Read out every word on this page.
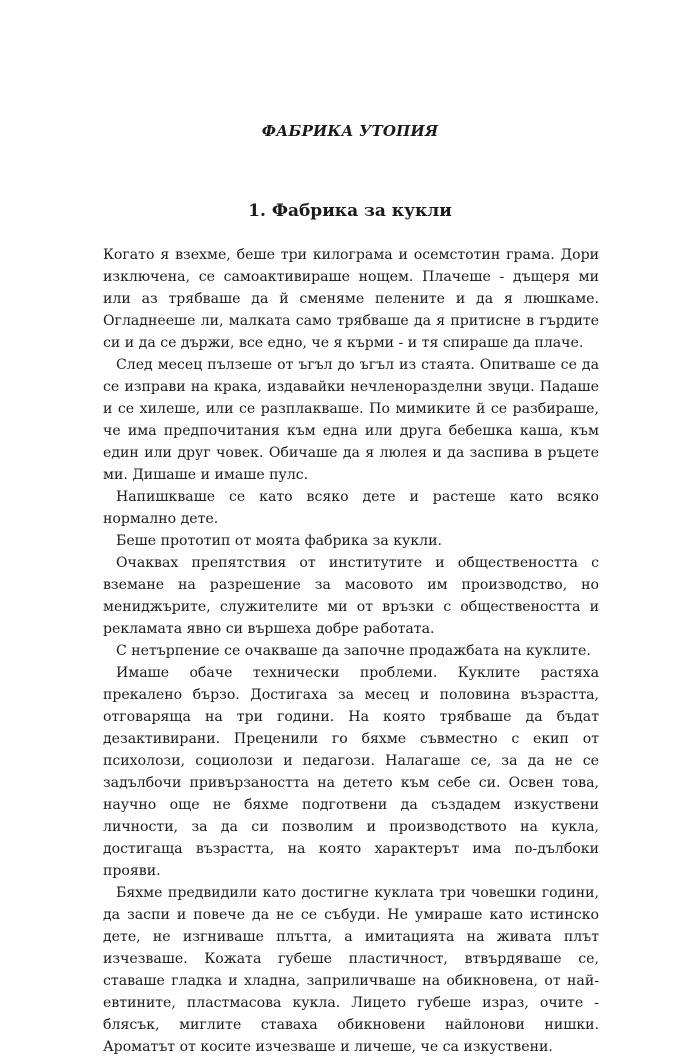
ФАБРИКА УТОПИЯ
1. Фабрика за кукли

Когато я взехме, беше три килограма и осемстотин грама. Дори изключена, се самоактивираше нощем. Плачеше - дъщеря ми или аз трябваше да й сменяме пелените и да я люшкаме. Огладнееше ли, малката само трябваше да я притисне в гърдите си и да се държи, все едно, че я кърми - и тя спираше да плаче.

След месец пълзеше от ъгъл до ъгъл из стаята. Опитваше се да се изправи на крака, издавайки нечленоразделни звуци. Падаше и се хилеше, или се разплакваше. По мимиките й се разбираше, че има предпочитания към една или друга бебешка каша, към един или друг човек. Обичаше да я люлея и да заспива в ръцете ми. Дишаше и имаше пулс.

Напишкваше се като всяко дете и растеше като всяко нормално дете.

Беше прототип от моята фабрика за кукли.

Очаквах препятствия от институтите и обществеността с вземане на разрешение за масовото им производство, но мениджърите, служителите ми от връзки с обществеността и рекламата явно си вършеха добре работата.

С нетърпение се очакваше да започне продажбата на куклите.

Имаше обаче технически проблеми. Куклите растяха прекалено бързо. Достигаха за месец и половина възрастта, отговаряща на три години. На която трябваше да бъдат дезактивирани. Преценили го бяхме съвместно с екип от психолози, социолози и педагози. Налагаше се, за да не се задълбочи привързаността на детето към себе си. Освен това, научно още не бяхме подготвени да създадем изкуствени личности, за да си позволим и производството на кукла, достигаща възрастта, на която характерът има по-дълбоки прояви.

Бяхме предвидили като достигне куклата три човешки години, да заспи и повече да не се събуди. Не умираше като истинско дете, не изгниваше плътта, а имитацията на живата плът изчезваше. Кожата губеше пластичност, втвърдяваше се, ставаше гладка и хладна, заприличваше на обикновена, от най-евтините, пластмасова кукла. Лицето губеше израз, очите - блясък, миглите ставаха обикновени найлонови нишки. Ароматът от косите изчезваше и личеше, че са изкуствени.
